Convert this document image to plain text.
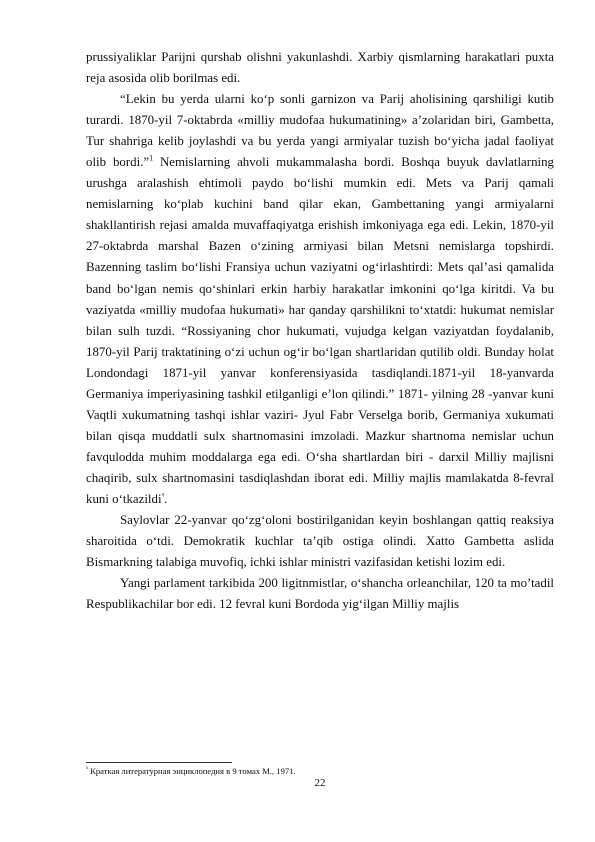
prussiyaliklar Parijni qurshab olishni yakunlashdi. Xarbiy qismlarning harakatlari puxta reja asosida olib borilmas edi.

“Lekin bu yerda ularni ko‘p sonli garnizon va Parij aholisining qarshiligi kutib turardi. 1870-yil 7-oktabrda «milliy mudofaa hukumatining» a’zolaridan biri, Gambetta, Tur shahriga kelib joylashdi va bu yerda yangi armiyalar tuzish bo‘yicha jadal faoliyat olib bordi.”$^1$ Nemislarning ahvoli mukammalasha bordi. Boshqa buyuk davlatlarning urushga aralashish ehtimoli paydo bo‘lishi mumkin edi. Mets va Parij qamali nemislarning ko‘plab kuchini band qilar ekan, Gambettaning yangi armiyalarni shakllantirish rejasi amalda muvaffaqiyatga erishish imkoniyaga ega edi. Lekin, 1870-yil 27-oktabrda marshal Bazen o‘zining armiyasi bilan Metsni nemislarga topshirdi. Bazenning taslim bo‘lishi Fransiya uchun vaziyatni og‘irlashtirdi: Mets qal’asi qamalida band bo‘lgan nemis qo‘shinlari erkin harbiy harakatlar imkonini qo‘lga kiritdi. Va bu vaziyatda «milliy mudofaa hukumati» har qanday qarshilikni to‘xtatdi: hukumat nemislar bilan sulh tuzdi. “Rossiyaning chor hukumati, vujudga kelgan vaziyatdan foydalanib, 1870-yil Parij traktatining o‘zi uchun og‘ir bo‘lgan shartlaridan qutilib oldi. Bunday holat Londondagi 1871-yil yanvar konferensiyasida tasdiqlandi.1871-yil 18-yanvarda Germaniya imperiyasining tashkil etilganligi e’lon qilindi.” 1871- yilning 28 -yanvar kuni Vaqtli xukumatning tashqi ishlar vaziri- Jyul Fabr Verselga borib, Germaniya xukumati bilan qisqa muddatli sulx shartnomasini imzoladi. Mazkur shartnoma nemislar uchun favqulodda muhim moddalarga ega edi. O‘sha shartlardan biri - darxil Milliy majlisni chaqirib, sulx shartnomasini tasdiqlashdan iborat edi. Milliy majlis mamlakatda 8-fevral kuni o‘tkazildi$^ᶣ$.

Saylovlar 22-yanvar qo‘zg‘oloni bostirilganidan keyin boshlangan qattiq reaksiya sharoitida o‘tdi. Demokratik kuchlar ta’qib ostiga olindi. Xatto Gambetta aslida Bismarkning talabiga muvofiq, ichki ishlar ministri vazifasidan ketishi lozim edi.

Yangi parlament tarkibida 200 ligitnmistlar, o‘shancha orleanchilar, 120 ta mo’tadil Respublikachilar bor edi. 12 fevral kuni Bordoda yig‘ilgan Milliy majlis

$^ᶣ$ Краткая литературная энциклопедия в 9 томах М., 1971.
22
